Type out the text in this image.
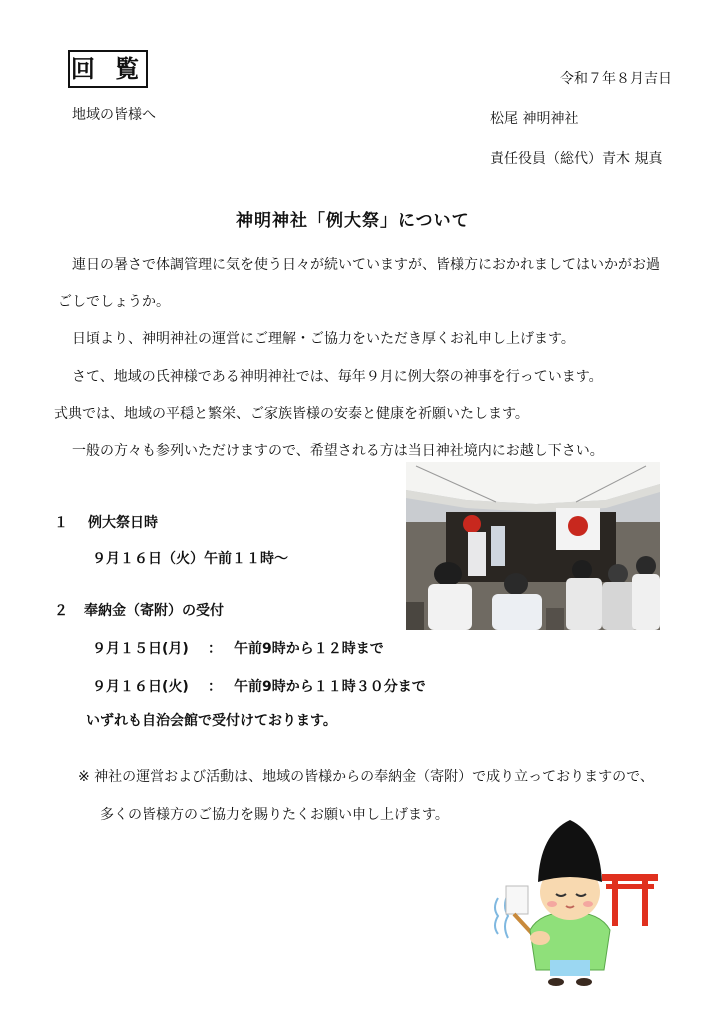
回 覧	令和７年８月吉日
地域の皆様へ	松尾 神明神社
責任役員（総代）青木 規真
神明神社「例大祭」について
連日の暑さで体調管理に気を使う日々が続いていますが、皆様方におかれましてはいかがお過
ごしでしょうか。
日頃より、神明神社の運営にご理解・ご協力をいただき厚くお礼申し上げます。
さて、地域の氏神様である神明神社では、毎年９月に例大祭の神事を行っています。
式典では、地域の平穏と繁栄、ご家族皆様の安泰と健康を祈願いたします。
一般の方々も参列いただけますので、希望される方は当日神社境内にお越し下さい。
１ 例大祭日時
９月１６日（火）午前１１時～
２ 奉納金（寄附）の受付
９月１５日(月) ： 午前9時から１２時まで
９月１６日(火) ： 午前9時から１１時３０分まで
いずれも自治会館で受付けております。
※ 神社の運営および活動は、地域の皆様からの奉納金（寄附）で成り立っておりますので、
多くの皆様方のご協力を賜りたくお願い申し上げます。
